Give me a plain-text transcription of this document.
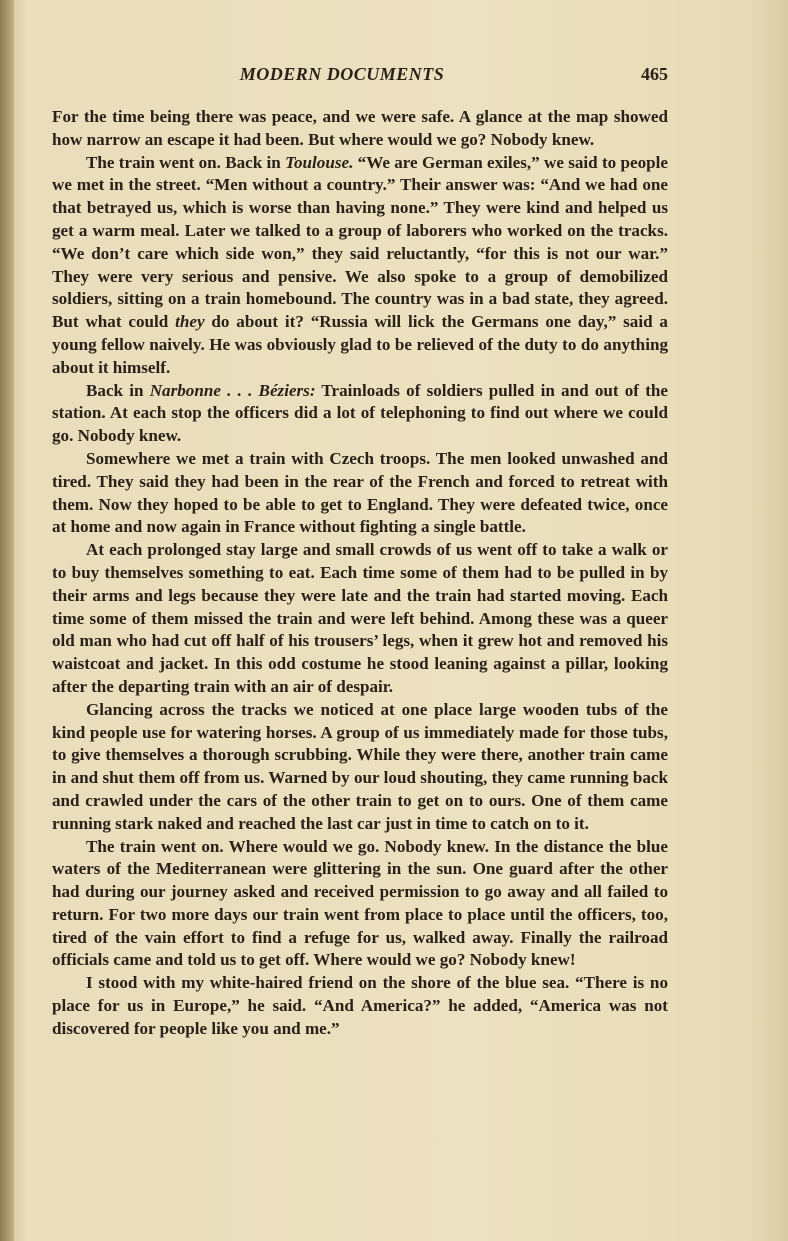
MODERN DOCUMENTS	465

For the time being there was peace, and we were safe. A glance at the map showed how narrow an escape it had been. But where would we go? Nobody knew.

The train went on. Back in Toulouse. “We are German exiles,” we said to people we met in the street. “Men without a country.” Their answer was: “And we had one that betrayed us, which is worse than having none.” They were kind and helped us get a warm meal. Later we talked to a group of laborers who worked on the tracks. “We don’t care which side won,” they said reluctantly, “for this is not our war.” They were very serious and pensive. We also spoke to a group of demobilized soldiers, sitting on a train homebound. The country was in a bad state, they agreed. But what could they do about it? “Russia will lick the Germans one day,” said a young fellow naively. He was obviously glad to be relieved of the duty to do anything about it himself.

Back in Narbonne . . . Béziers: Trainloads of soldiers pulled in and out of the station. At each stop the officers did a lot of telephoning to find out where we could go. Nobody knew.

Somewhere we met a train with Czech troops. The men looked unwashed and tired. They said they had been in the rear of the French and forced to retreat with them. Now they hoped to be able to get to England. They were defeated twice, once at home and now again in France without fighting a single battle.

At each prolonged stay large and small crowds of us went off to take a walk or to buy themselves something to eat. Each time some of them had to be pulled in by their arms and legs because they were late and the train had started moving. Each time some of them missed the train and were left behind. Among these was a queer old man who had cut off half of his trousers’ legs, when it grew hot and removed his waistcoat and jacket. In this odd costume he stood leaning against a pillar, looking after the departing train with an air of despair.

Glancing across the tracks we noticed at one place large wooden tubs of the kind people use for watering horses. A group of us immediately made for those tubs, to give themselves a thorough scrubbing. While they were there, another train came in and shut them off from us. Warned by our loud shouting, they came running back and crawled under the cars of the other train to get on to ours. One of them came running stark naked and reached the last car just in time to catch on to it.

The train went on. Where would we go. Nobody knew. In the distance the blue waters of the Mediterranean were glittering in the sun. One guard after the other had during our journey asked and received permission to go away and all failed to return. For two more days our train went from place to place until the officers, too, tired of the vain effort to find a refuge for us, walked away. Finally the railroad officials came and told us to get off. Where would we go? Nobody knew!

I stood with my white-haired friend on the shore of the blue sea. “There is no place for us in Europe,” he said. “And America?” he added, “America was not discovered for people like you and me.”
